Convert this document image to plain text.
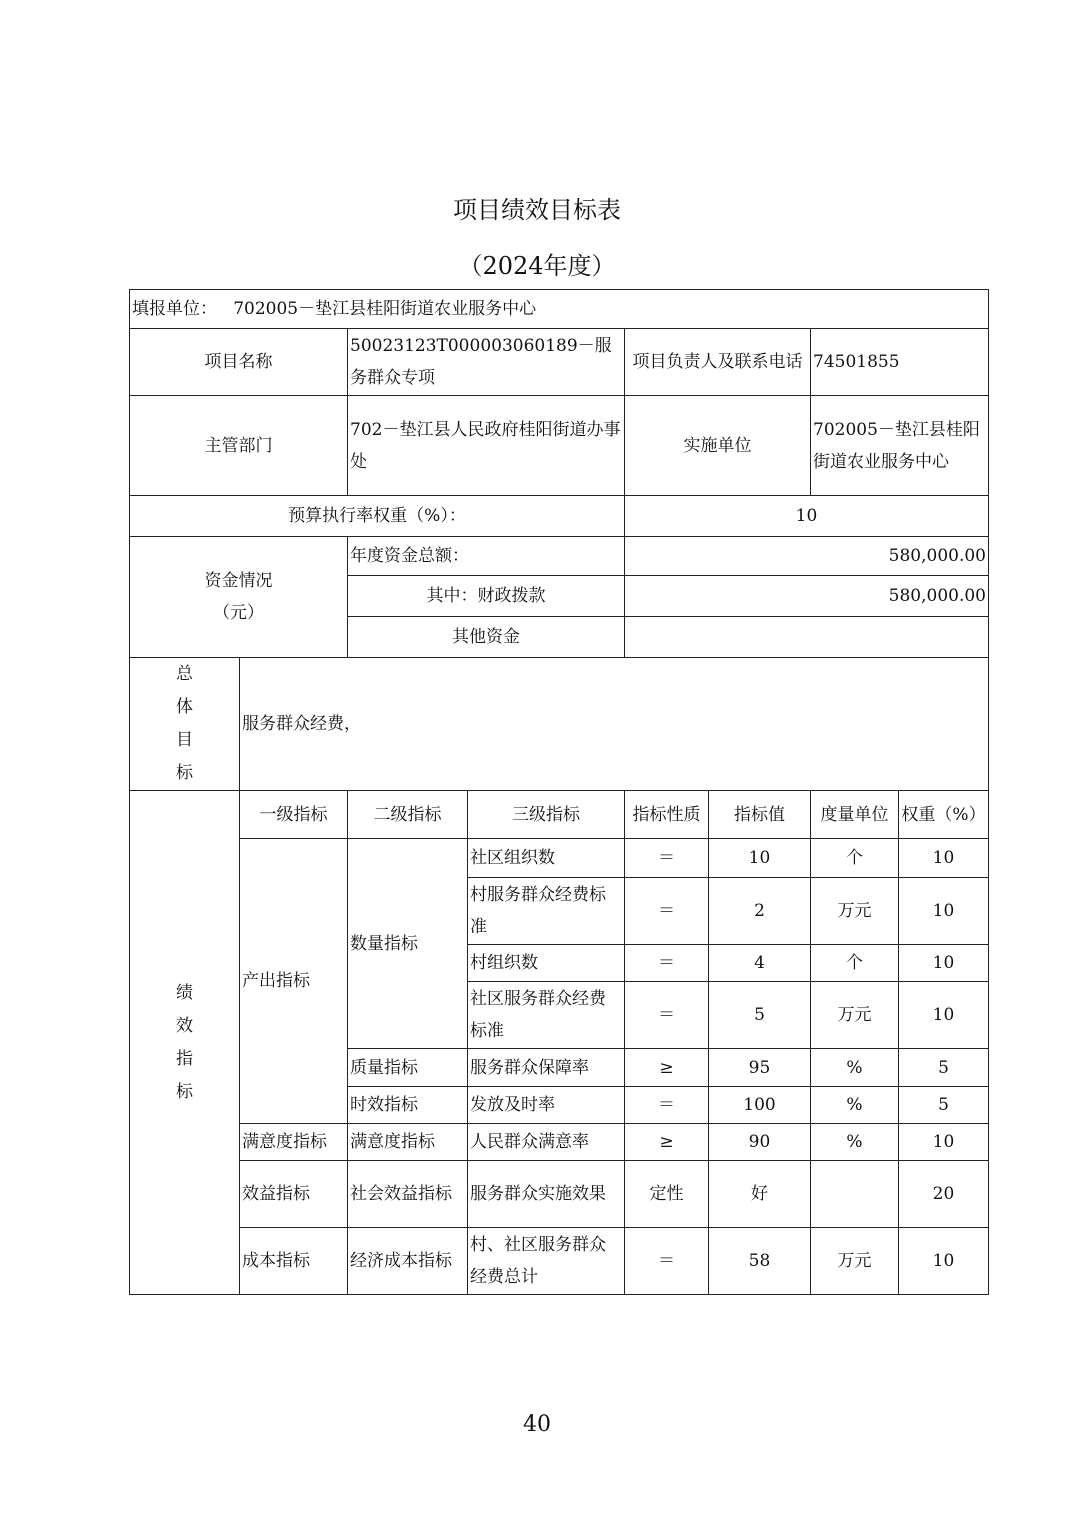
项目绩效目标表
（2024年度）
填报单位： 702005－垫江县桂阳街道农业服务中心							
项目名称		50023123T000003060189－服务群众专项		项目负责人及联系电话		74501855	
主管部门		702－垫江县人民政府桂阳街道办事处		实施单位		702005－垫江县桂阳街道农业服务中心	
预算执行率权重（%）：				10			

资金情况（元）		年度资金总额：		580,000.00			
		其中：财政拨款		580,000.00			
		其他资金					

总
体
目
标	服务群众经费，						

绩
效
指
标	一级指标	二级指标	三级指标	指标性质	指标值	度量单位	权重（%）
	产出指标	数量指标	社区组织数	＝	10	个	10
			村服务群众经费标准	＝	2	万元	10
			村组织数	＝	4	个	10
			社区服务群众经费标准	＝	5	万元	10
		质量指标	服务群众保障率	≥	95	%	5
		时效指标	发放及时率	＝	100	%	5
	满意度指标	满意度指标	人民群众满意率	≥	90	%	10
	效益指标	社会效益指标	服务群众实施效果	定性	好		20
	成本指标	经济成本指标	村、社区服务群众经费总计	＝	58	万元	10
40
